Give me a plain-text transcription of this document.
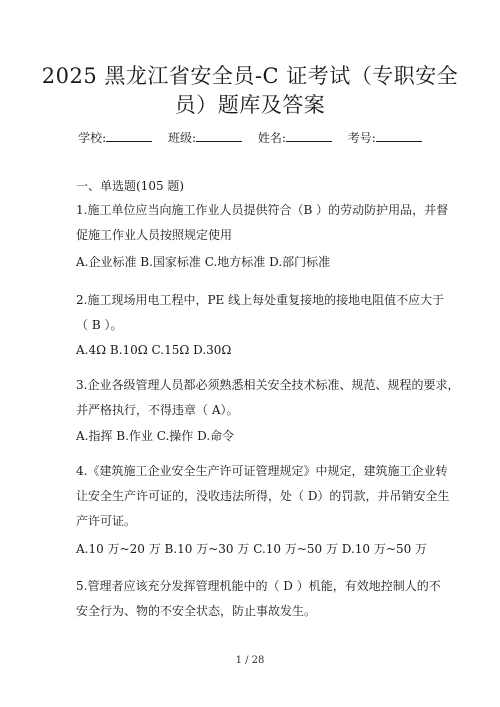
2025 黑龙江省安全员-C 证考试（专职安全
员）题库及答案
学校:	班级:	姓名:	考号:
一、单选题(105 题)
1.施工单位应当向施工作业人员提供符合（B ）的劳动防护用品，并督
促施工作业人员按照规定使用
A.企业标准 B.国家标准 C.地方标准 D.部门标准
2.施工现场用电工程中，PE 线上每处重复接地的接地电阻值不应大于
（ B ）。
A.4Ω B.10Ω C.15Ω D.30Ω
3.企业各级管理人员都必须熟悉相关安全技术标准、规范、规程的要求，
并严格执行，不得违章（ A）。
A.指挥 B.作业 C.操作 D.命令
4.《建筑施工企业安全生产许可证管理规定》中规定，建筑施工企业转
让安全生产许可证的，没收违法所得，处（ D）的罚款，并吊销安全生
产许可证。
A.10 万~20 万 B.10 万~30 万 C.10 万~50 万 D.10 万~50 万
5.管理者应该充分发挥管理机能中的（ D ）机能，有效地控制人的不
安全行为、物的不安全状态，防止事故发生。
1 / 28
